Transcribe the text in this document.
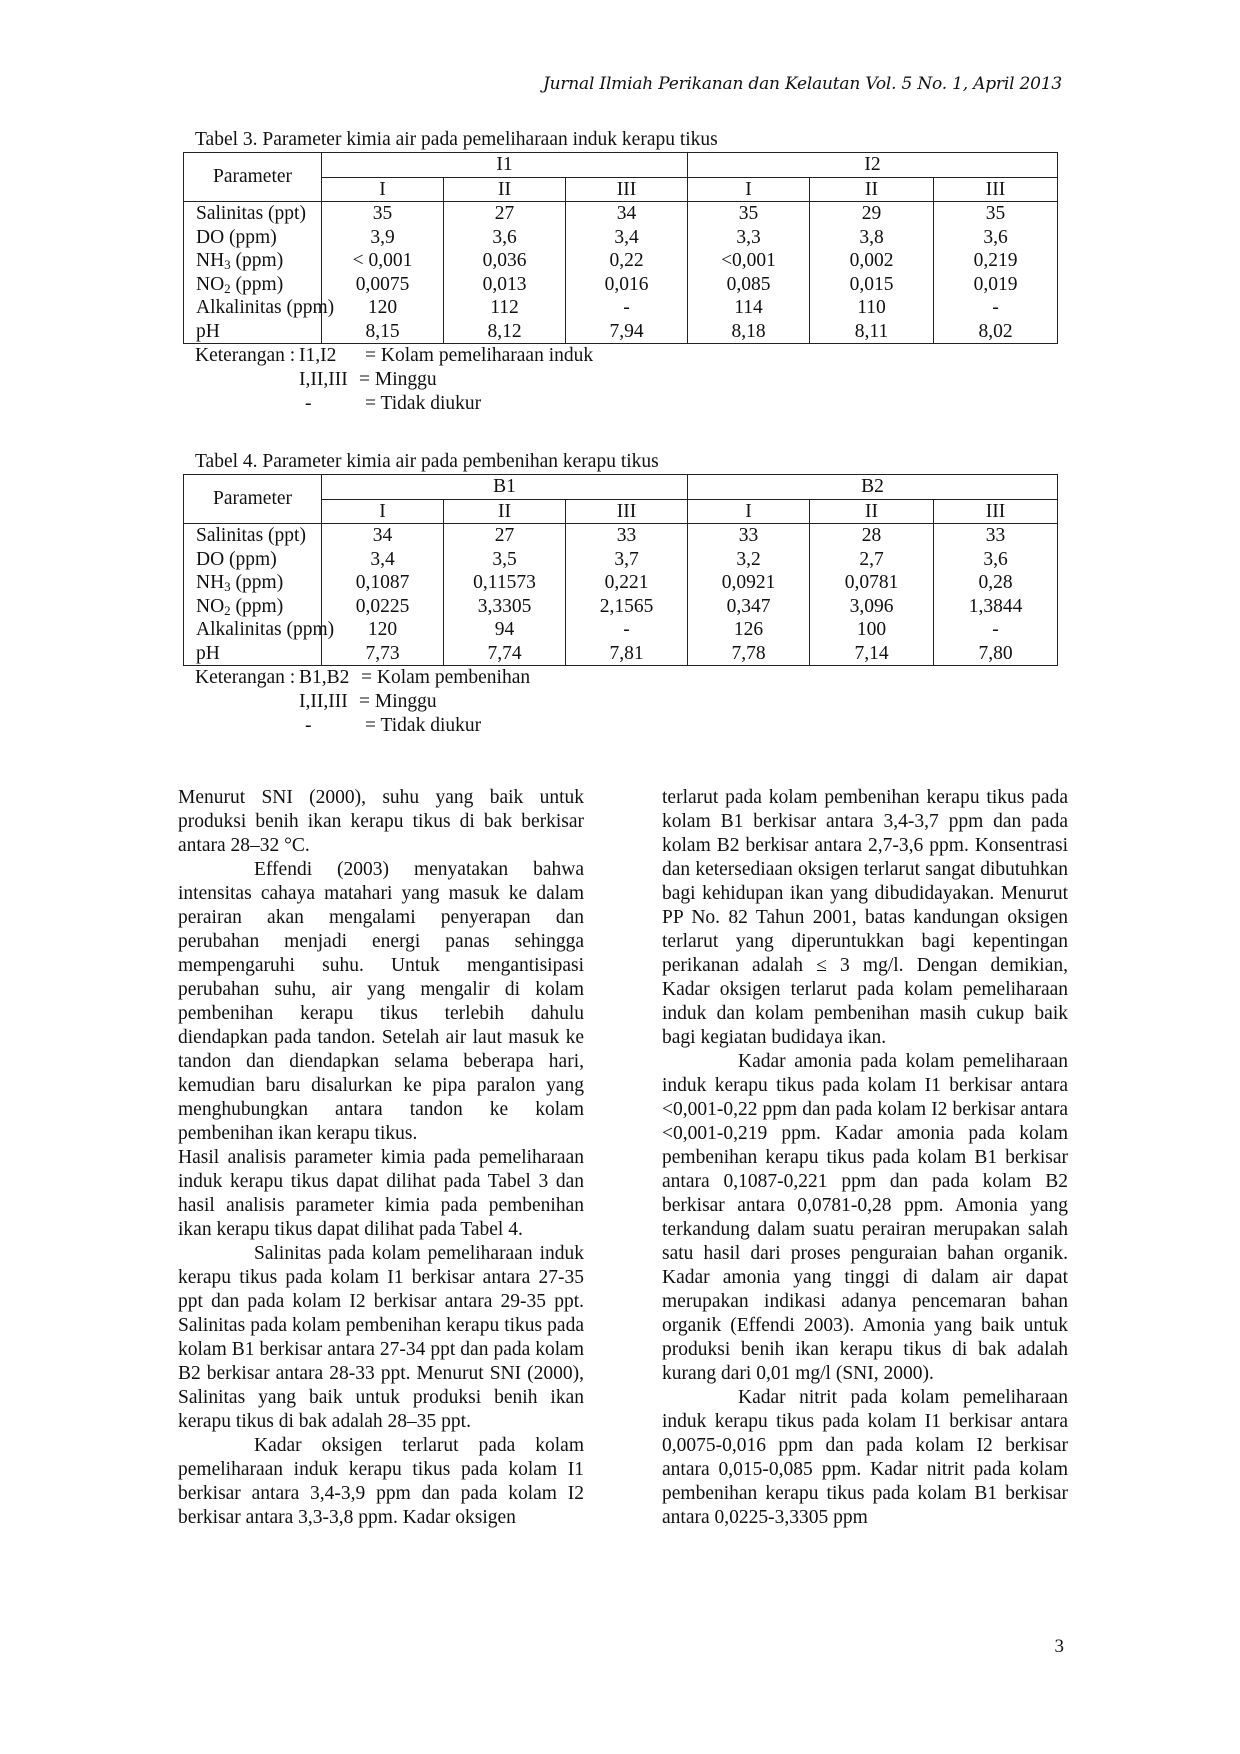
Jurnal Ilmiah Perikanan dan Kelautan Vol. 5 No. 1, April 2013
Tabel 3. Parameter kimia air pada pemeliharaan induk kerapu tikus
Parameter	I1			I2		
	I	II	III	I	II	III
Salinitas (ppt)	35	27	34	35	29	35
DO (ppm)	3,9	3,6	3,4	3,3	3,8	3,6
$NH_3$ (ppm)	< 0,001	0,036	0,22	<0,001	0,002	0,219
$NO_2$ (ppm)	0,0075	0,013	0,016	0,085	0,015	0,019
Alkalinitas (ppm)	120	112	-	114	110	-
pH	8,15	8,12	7,94	8,18	8,11	8,02
Keterangan : I1,I2 = Kolam pemeliharaan induk
I,II,III = Minggu
-	= Tidak diukur
Tabel 4. Parameter kimia air pada pembenihan kerapu tikus
Parameter	B1			B2		
	I	II	III	I	II	III
Salinitas (ppt)	34	27	33	33	28	33
DO (ppm)	3,4	3,5	3,7	3,2	2,7	3,6
$NH_3$ (ppm)	0,1087	0,11573	0,221	0,0921	0,0781	0,28
$NO_2$ (ppm)	0,0225	3,3305	2,1565	0,347	3,096	1,3844
Alkalinitas (ppm)	120	94	-	126	100	-
pH	7,73	7,74	7,81	7,78	7,14	7,80
Keterangan : B1,B2 = Kolam pembenihan
I,II,III = Minggu
-	= Tidak diukur

Menurut SNI (2000), suhu yang baik untuk produksi benih ikan kerapu tikus di bak berkisar antara 28–32 °C.

Effendi (2003) menyatakan bahwa intensitas cahaya matahari yang masuk ke dalam perairan akan mengalami penyerapan dan perubahan menjadi energi panas sehingga mempengaruhi suhu. Untuk mengantisipasi perubahan suhu, air yang mengalir di kolam pembenihan kerapu tikus terlebih dahulu diendapkan pada tandon. Setelah air laut masuk ke tandon dan diendapkan selama beberapa hari, kemudian baru disalurkan ke pipa paralon yang menghubungkan antara tandon ke kolam pembenihan ikan kerapu tikus.

Hasil analisis parameter kimia pada pemeliharaan induk kerapu tikus dapat dilihat pada Tabel 3 dan hasil analisis parameter kimia pada pembenihan ikan kerapu tikus dapat dilihat pada Tabel 4.

Salinitas pada kolam pemeliharaan induk kerapu tikus pada kolam I1 berkisar antara 27-35 ppt dan pada kolam I2 berkisar antara 29-35 ppt. Salinitas pada kolam pembenihan kerapu tikus pada kolam B1 berkisar antara 27-34 ppt dan pada kolam B2 berkisar antara 28-33 ppt. Menurut SNI (2000), Salinitas yang baik untuk produksi benih ikan kerapu tikus di bak adalah 28–35 ppt.

Kadar oksigen terlarut pada kolam pemeliharaan induk kerapu tikus pada kolam I1 berkisar antara 3,4-3,9 ppm dan pada kolam I2 berkisar antara 3,3-3,8 ppm. Kadar oksigen

terlarut pada kolam pembenihan kerapu tikus pada kolam B1 berkisar antara 3,4-3,7 ppm dan pada kolam B2 berkisar antara 2,7-3,6 ppm. Konsentrasi dan ketersediaan oksigen terlarut sangat dibutuhkan bagi kehidupan ikan yang dibudidayakan. Menurut PP No. 82 Tahun 2001, batas kandungan oksigen terlarut yang diperuntukkan bagi kepentingan perikanan adalah ≤ 3 mg/l. Dengan demikian, Kadar oksigen terlarut pada kolam pemeliharaan induk dan kolam pembenihan masih cukup baik bagi kegiatan budidaya ikan.

Kadar amonia pada kolam pemeliharaan induk kerapu tikus pada kolam I1 berkisar antara <0,001-0,22 ppm dan pada kolam I2 berkisar antara <0,001-0,219 ppm. Kadar amonia pada kolam pembenihan kerapu tikus pada kolam B1 berkisar antara 0,1087-0,221 ppm dan pada kolam B2 berkisar antara 0,0781-0,28 ppm. Amonia yang terkandung dalam suatu perairan merupakan salah satu hasil dari proses penguraian bahan organik. Kadar amonia yang tinggi di dalam air dapat merupakan indikasi adanya pencemaran bahan organik (Effendi 2003). Amonia yang baik untuk produksi benih ikan kerapu tikus di bak adalah kurang dari 0,01 mg/l (SNI, 2000).

Kadar nitrit pada kolam pemeliharaan induk kerapu tikus pada kolam I1 berkisar antara 0,0075-0,016 ppm dan pada kolam I2 berkisar antara 0,015-0,085 ppm. Kadar nitrit pada kolam pembenihan kerapu tikus pada kolam B1 berkisar antara 0,0225-3,3305 ppm

3
